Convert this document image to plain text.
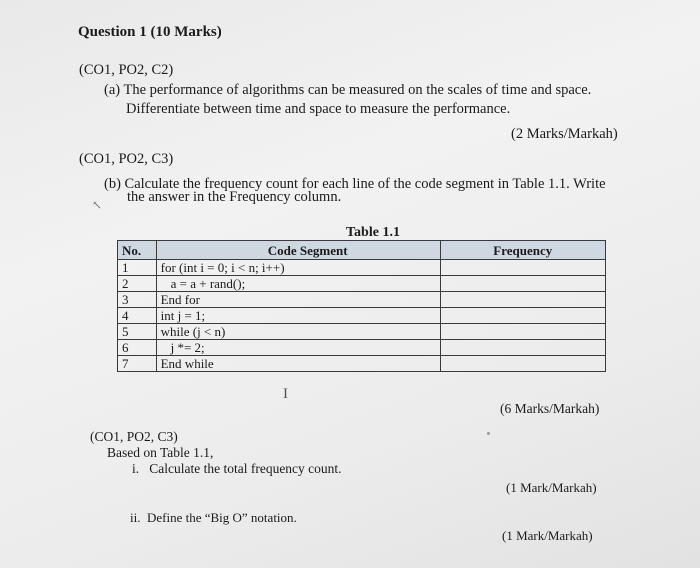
Question 1 (10 Marks)
(CO1, PO2, C2)
(a) The performance of algorithms can be measured on the scales of time and space.
Differentiate between time and space to measure the performance.
(2 Marks/Markah)
(CO1, PO2, C3)
(b) Calculate the frequency count for each line of the code segment in Table 1.1. Write
the answer in the Frequency column.
↖
Table 1.1
No.	Code Segment	Frequency
1	for (int i = 0; i < n; i++)	
2	a = a + rand();	
3	End for	
4	int j = 1;	
5	while (j < n)	
6	j *= 2;	
7	End while	
I
(6 Marks/Markah)
(CO1, PO2, C3)
Based on Table 1.1,
i.   Calculate the total frequency count.
(1 Mark/Markah)
ii.  Define the “Big O” notation.
(1 Mark/Markah)
